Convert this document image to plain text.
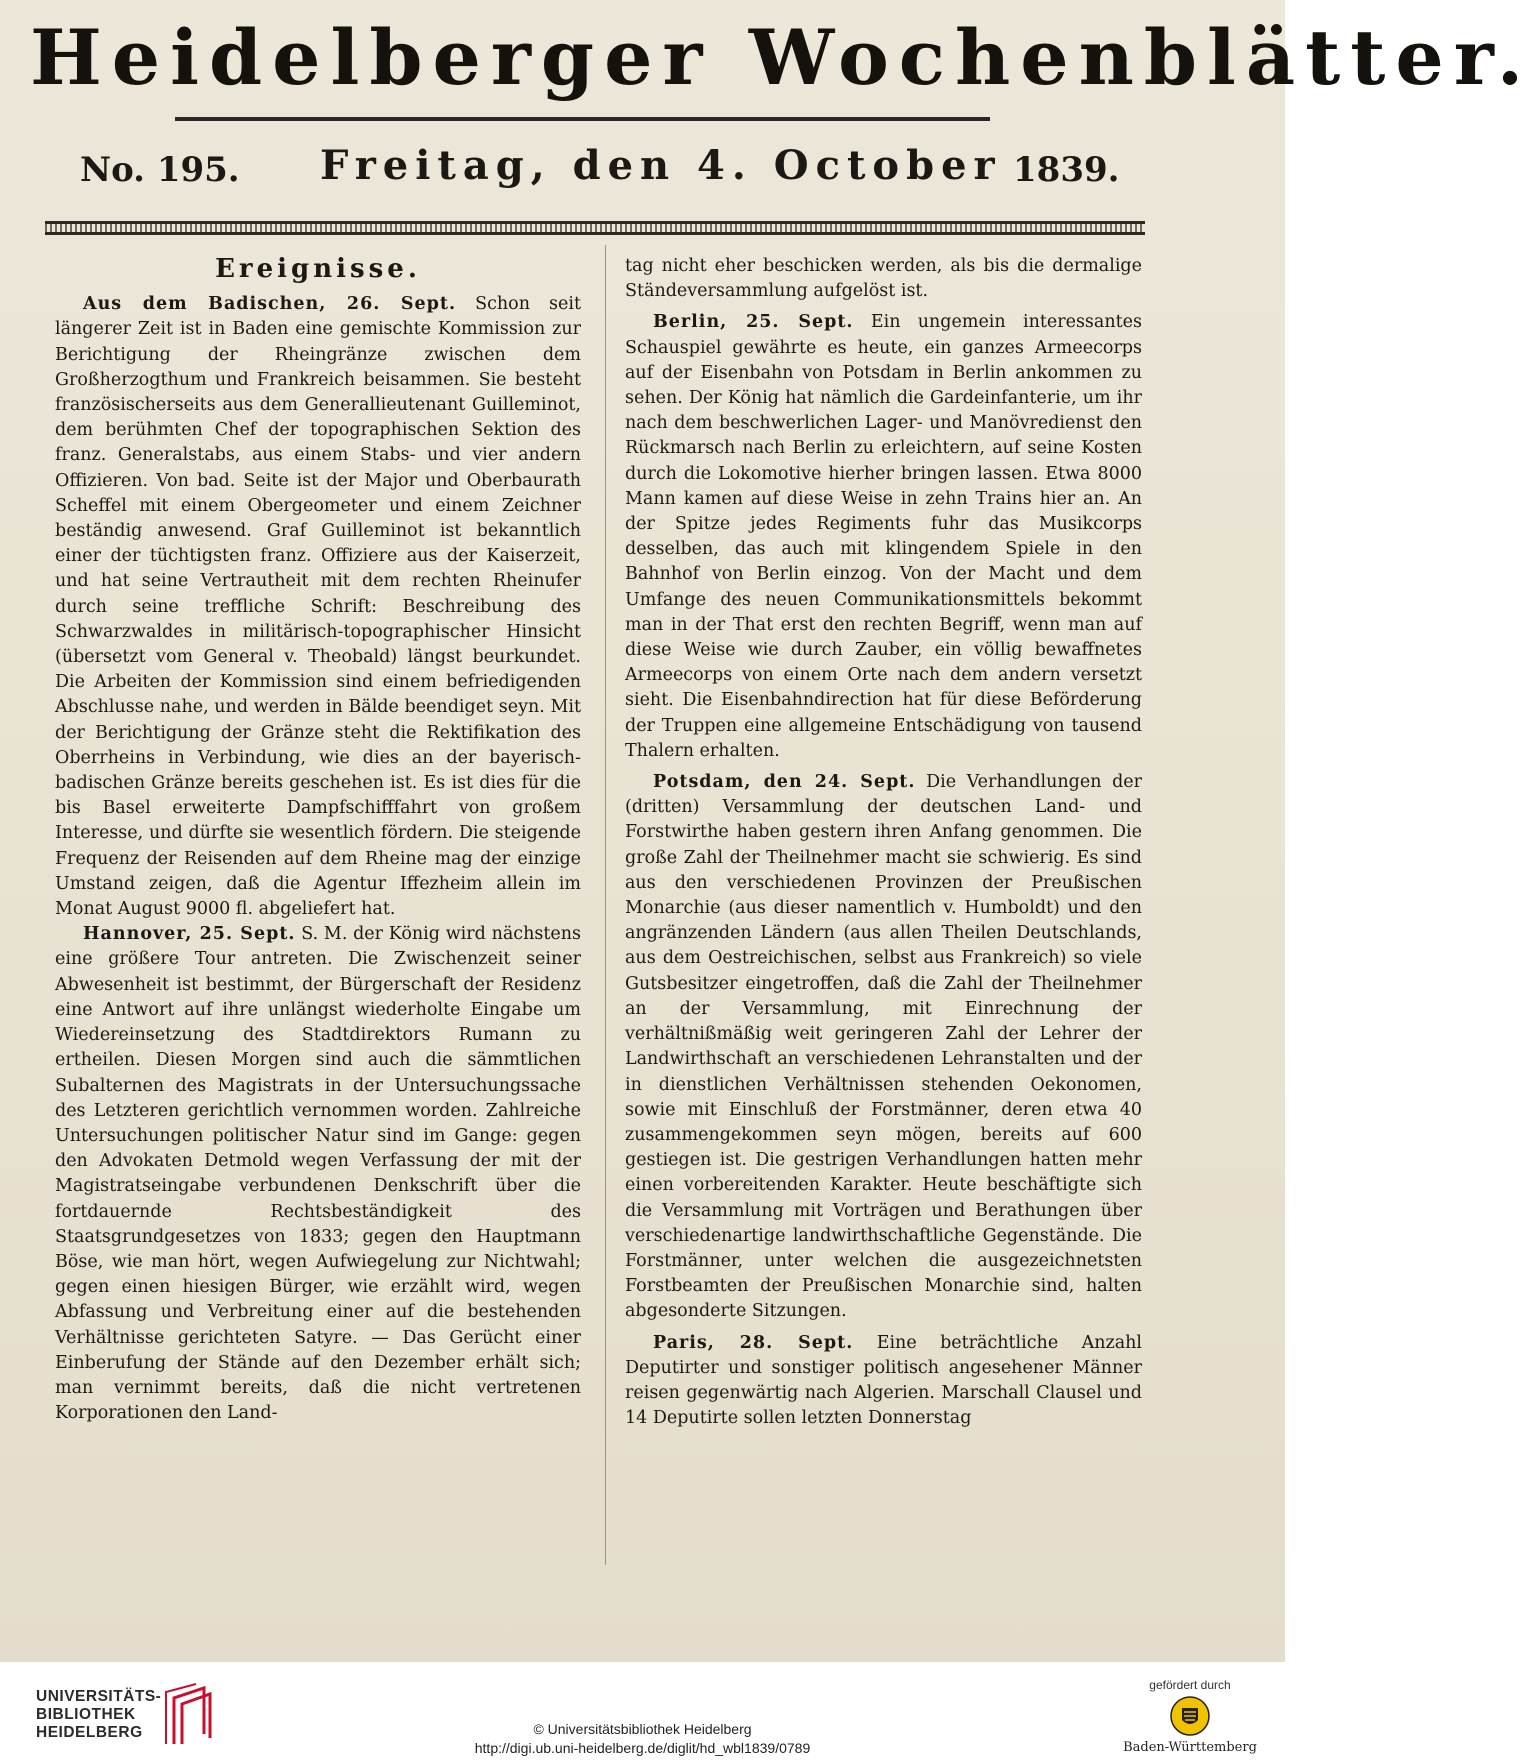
Heidelberger Wochenblätter.
No. 195. Freitag, den 4. October 1839.

Ereignisse.

Aus dem Badischen, 26. Sept. Schon seit längerer Zeit ist in Baden eine gemischte Kommission zur Berichtigung der Rheingränze zwischen dem Großherzogthum und Frankreich beisammen. Sie besteht französischerseits aus dem Generallieutenant Guilleminot, dem berühmten Chef der topographischen Sektion des franz. Generalstabs, aus einem Stabs- und vier andern Offizieren. Von bad. Seite ist der Major und Oberbaurath Scheffel mit einem Obergeometer und einem Zeichner beständig anwesend. Graf Guilleminot ist bekanntlich einer der tüchtigsten franz. Offiziere aus der Kaiserzeit, und hat seine Vertrautheit mit dem rechten Rheinufer durch seine treffliche Schrift: Beschreibung des Schwarzwaldes in militärisch-topographischer Hinsicht (übersetzt vom General v. Theobald) längst beurkundet. Die Arbeiten der Kommission sind einem befriedigenden Abschlusse nahe, und werden in Bälde beendiget seyn. Mit der Berichtigung der Gränze steht die Rektifikation des Oberrheins in Verbindung, wie dies an der bayerisch-badischen Gränze bereits geschehen ist. Es ist dies für die bis Basel erweiterte Dampfschifffahrt von großem Interesse, und dürfte sie wesentlich fördern. Die steigende Frequenz der Reisenden auf dem Rheine mag der einzige Umstand zeigen, daß die Agentur Iffezheim allein im Monat August 9000 fl. abgeliefert hat.

Hannover, 25. Sept. S. M. der König wird nächstens eine größere Tour antreten. Die Zwischenzeit seiner Abwesenheit ist bestimmt, der Bürgerschaft der Residenz eine Antwort auf ihre unlängst wiederholte Eingabe um Wiedereinsetzung des Stadtdirektors Rumann zu ertheilen. Diesen Morgen sind auch die sämmtlichen Subalternen des Magistrats in der Untersuchungssache des Letzteren gerichtlich vernommen worden. Zahlreiche Untersuchungen politischer Natur sind im Gange: gegen den Advokaten Detmold wegen Verfassung der mit der Magistratseingabe verbundenen Denkschrift über die fortdauernde Rechtsbeständigkeit des Staatsgrundgesetzes von 1833; gegen den Hauptmann Böse, wie man hört, wegen Aufwiegelung zur Nichtwahl; gegen einen hiesigen Bürger, wie erzählt wird, wegen Abfassung und Verbreitung einer auf die bestehenden Verhältnisse gerichteten Satyre. — Das Gerücht einer Einberufung der Stände auf den Dezember erhält sich; man vernimmt bereits, daß die nicht vertretenen Korporationen den Land-

tag nicht eher beschicken werden, als bis die dermalige Ständeversammlung aufgelöst ist.

Berlin, 25. Sept. Ein ungemein interessantes Schauspiel gewährte es heute, ein ganzes Armeecorps auf der Eisenbahn von Potsdam in Berlin ankommen zu sehen. Der König hat nämlich die Gardeinfanterie, um ihr nach dem beschwerlichen Lager- und Manövredienst den Rückmarsch nach Berlin zu erleichtern, auf seine Kosten durch die Lokomotive hierher bringen lassen. Etwa 8000 Mann kamen auf diese Weise in zehn Trains hier an. An der Spitze jedes Regiments fuhr das Musikcorps desselben, das auch mit klingendem Spiele in den Bahnhof von Berlin einzog. Von der Macht und dem Umfange des neuen Communikationsmittels bekommt man in der That erst den rechten Begriff, wenn man auf diese Weise wie durch Zauber, ein völlig bewaffnetes Armeecorps von einem Orte nach dem andern versetzt sieht. Die Eisenbahndirection hat für diese Beförderung der Truppen eine allgemeine Entschädigung von tausend Thalern erhalten.

Potsdam, den 24. Sept. Die Verhandlungen der (dritten) Versammlung der deutschen Land- und Forstwirthe haben gestern ihren Anfang genommen. Die große Zahl der Theilnehmer macht sie schwierig. Es sind aus den verschiedenen Provinzen der Preußischen Monarchie (aus dieser namentlich v. Humboldt) und den angränzenden Ländern (aus allen Theilen Deutschlands, aus dem Oestreichischen, selbst aus Frankreich) so viele Gutsbesitzer eingetroffen, daß die Zahl der Theilnehmer an der Versammlung, mit Einrechnung der verhältnißmäßig weit geringeren Zahl der Lehrer der Landwirthschaft an verschiedenen Lehranstalten und der in dienstlichen Verhältnissen stehenden Oekonomen, sowie mit Einschluß der Forstmänner, deren etwa 40 zusammengekommen seyn mögen, bereits auf 600 gestiegen ist. Die gestrigen Verhandlungen hatten mehr einen vorbereitenden Karakter. Heute beschäftigte sich die Versammlung mit Vorträgen und Berathungen über verschiedenartige landwirthschaftliche Gegenstände. Die Forstmänner, unter welchen die ausgezeichnetsten Forstbeamten der Preußischen Monarchie sind, halten abgesonderte Sitzungen.

Paris, 28. Sept. Eine beträchtliche Anzahl Deputirter und sonstiger politisch angesehener Männer reisen gegenwärtig nach Algerien. Marschall Clausel und 14 Deputirte sollen letzten Donnerstag

UNIVERSITÄTS-
BIBLIOTHEK
HEIDELBERG	© Universitätsbibliothek Heidelberg
http://digi.ub.uni-heidelberg.de/diglit/hd_wbl1839/0789
gefördert durch
Baden-Württemberg
